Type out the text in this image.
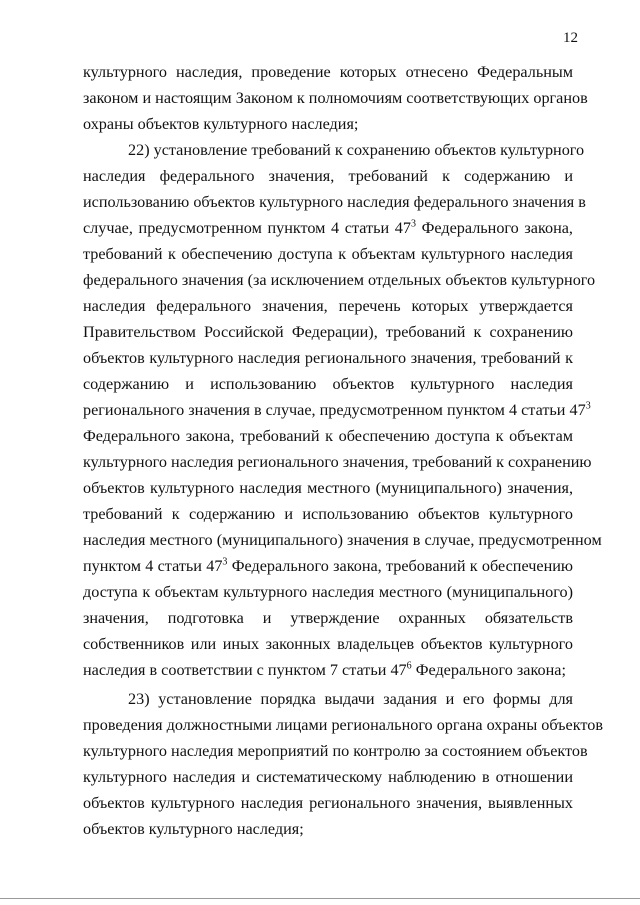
12
культурного наследия, проведение которых отнесено Федеральным
законом и настоящим Законом к полномочиям соответствующих органов
охраны объектов культурного наследия;
22) установление требований к сохранению объектов культурного
наследия федерального значения, требований к содержанию и
использованию объектов культурного наследия федерального значения в
случае, предусмотренном пунктом 4 статьи $47^3$ Федерального закона,
требований к обеспечению доступа к объектам культурного наследия
федерального значения (за исключением отдельных объектов культурного
наследия федерального значения, перечень которых утверждается
Правительством Российской Федерации), требований к сохранению
объектов культурного наследия регионального значения, требований к
содержанию и использованию объектов культурного наследия
регионального значения в случае, предусмотренном пунктом 4 статьи $47^3$
Федерального закона, требований к обеспечению доступа к объектам
культурного наследия регионального значения, требований к сохранению
объектов культурного наследия местного (муниципального) значения,
требований к содержанию и использованию объектов культурного
наследия местного (муниципального) значения в случае, предусмотренном
пунктом 4 статьи $47^3$ Федерального закона, требований к обеспечению
доступа к объектам культурного наследия местного (муниципального)
значения, подготовка и утверждение охранных обязательств
собственников или иных законных владельцев объектов культурного
наследия в соответствии с пунктом 7 статьи $47^6$ Федерального закона;
23) установление порядка выдачи задания и его формы для
проведения должностными лицами регионального органа охраны объектов
культурного наследия мероприятий по контролю за состоянием объектов
культурного наследия и систематическому наблюдению в отношении
объектов культурного наследия регионального значения, выявленных
объектов культурного наследия;
